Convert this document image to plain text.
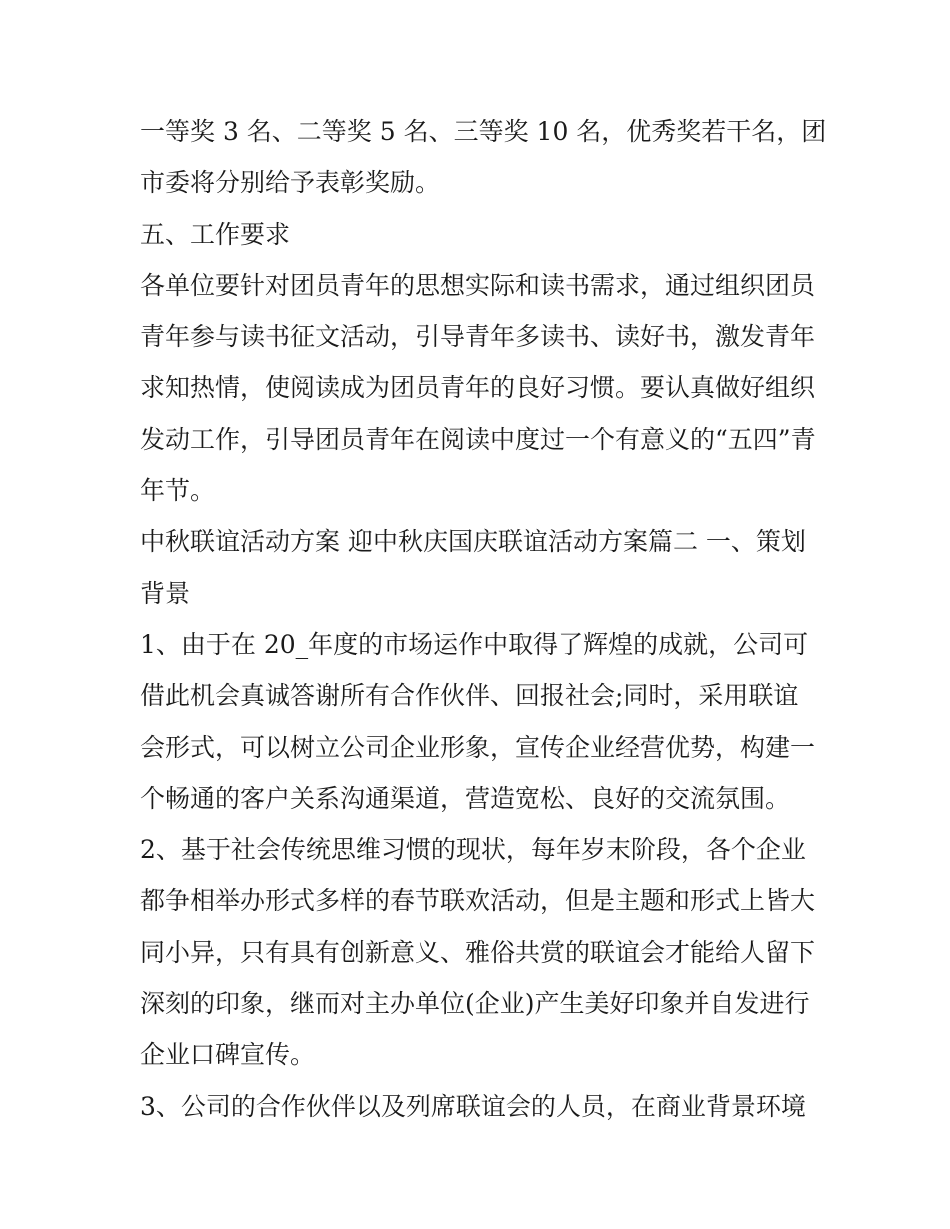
一等奖 3 名、二等奖 5 名、三等奖 10 名，优秀奖若干名，团
市委将分别给予表彰奖励。
五、工作要求
各单位要针对团员青年的思想实际和读书需求，通过组织团员
青年参与读书征文活动，引导青年多读书、读好书，激发青年
求知热情，使阅读成为团员青年的良好习惯。要认真做好组织
发动工作，引导团员青年在阅读中度过一个有意义的“五四”青
年节。
中秋联谊活动方案 迎中秋庆国庆联谊活动方案篇二 一、策划
背景
1、由于在 20_年度的市场运作中取得了辉煌的成就，公司可
借此机会真诚答谢所有合作伙伴、回报社会;同时，采用联谊
会形式，可以树立公司企业形象，宣传企业经营优势，构建一
个畅通的客户关系沟通渠道，营造宽松、良好的交流氛围。
2、基于社会传统思维习惯的现状，每年岁末阶段，各个企业
都争相举办形式多样的春节联欢活动，但是主题和形式上皆大
同小异，只有具有创新意义、雅俗共赏的联谊会才能给人留下
深刻的印象，继而对主办单位(企业)产生美好印象并自发进行
企业口碑宣传。
3、公司的合作伙伴以及列席联谊会的人员，在商业背景环境
